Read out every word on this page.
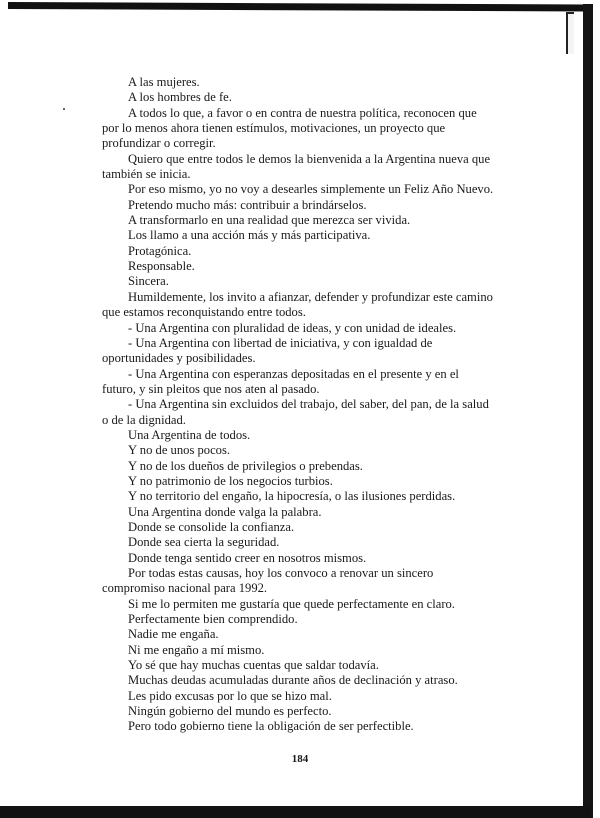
A las mujeres.

A los hombres de fe.

A todos lo que, a favor o en contra de nuestra política, reconocen que por lo menos ahora tienen estímulos, motivaciones, un proyecto que profundizar o corregir.

Quiero que entre todos le demos la bienvenida a la Argentina nueva que también se inicia.

Por eso mismo, yo no voy a desearles simplemente un Feliz Año Nuevo.

Pretendo mucho más: contribuir a brindárselos.

A transformarlo en una realidad que merezca ser vivida.

Los llamo a una acción más y más participativa.

Protagónica.

Responsable.

Sincera.

Humildemente, los invito a afianzar, defender y profundizar este camino que estamos reconquistando entre todos.

- Una Argentina con pluralidad de ideas, y con unidad de ideales.

- Una Argentina con libertad de iniciativa, y con igualdad de oportunidades y posibilidades.

- Una Argentina con esperanzas depositadas en el presente y en el futuro, y sin pleitos que nos aten al pasado.

- Una Argentina sin excluidos del trabajo, del saber, del pan, de la salud o de la dignidad.

Una Argentina de todos.

Y no de unos pocos.

Y no de los dueños de privilegios o prebendas.

Y no patrimonio de los negocios turbios.

Y no territorio del engaño, la hipocresía, o las ilusiones perdidas.

Una Argentina donde valga la palabra.

Donde se consolide la confianza.

Donde sea cierta la seguridad.

Donde tenga sentido creer en nosotros mismos.

Por todas estas causas, hoy los convoco a renovar un sincero compromiso nacional para 1992.

Si me lo permiten me gustaría que quede perfectamente en claro.

Perfectamente bien comprendido.

Nadie me engaña.

Ni me engaño a mí mismo.

Yo sé que hay muchas cuentas que saldar todavía.

Muchas deudas acumuladas durante años de declinación y atraso.

Les pido excusas por lo que se hizo mal.

Ningún gobierno del mundo es perfecto.

Pero todo gobierno tiene la obligación de ser perfectible.

184
